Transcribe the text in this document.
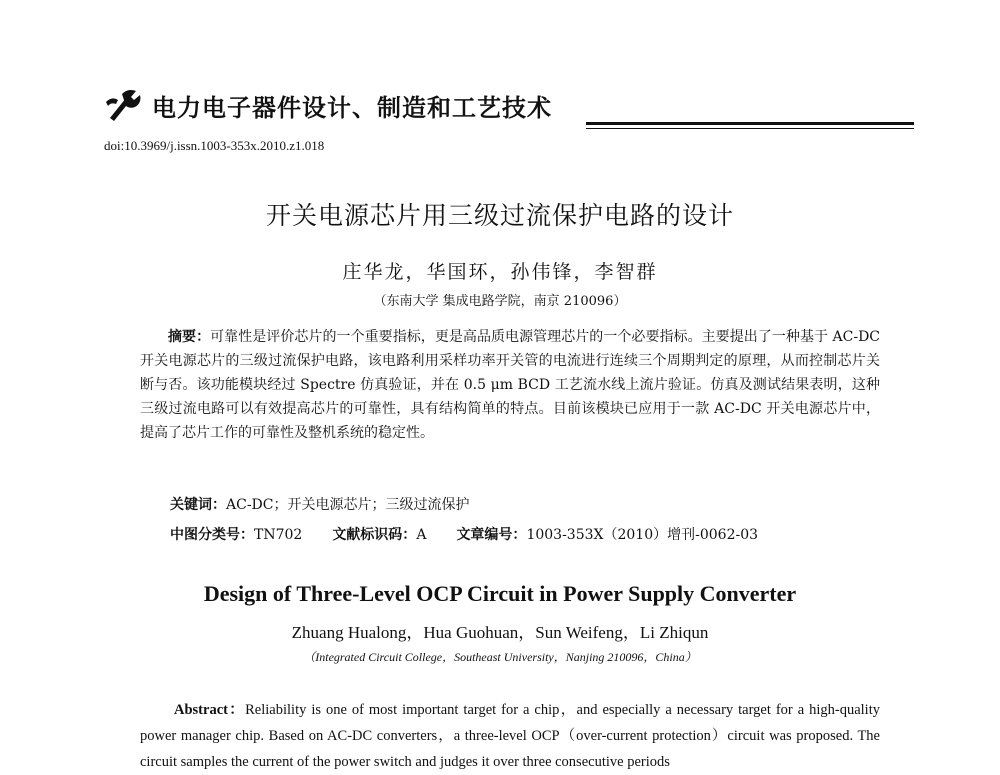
电力电子器件设计、制造和工艺技术
doi:10.3969/j.issn.1003-353x.2010.z1.018
开关电源芯片用三级过流保护电路的设计
庄华龙，华国环，孙伟锋，李智群
（东南大学 集成电路学院，南京 210096）
摘要：可靠性是评价芯片的一个重要指标，更是高品质电源管理芯片的一个必要指标。主要提出了一种基于 AC-DC 开关电源芯片的三级过流保护电路，该电路利用采样功率开关管的电流进行连续三个周期判定的原理，从而控制芯片关断与否。该功能模块经过 Spectre 仿真验证，并在 0.5 μm BCD 工艺流水线上流片验证。仿真及测试结果表明，这种三级过流电路可以有效提高芯片的可靠性，具有结构简单的特点。目前该模块已应用于一款 AC-DC 开关电源芯片中，提高了芯片工作的可靠性及整机系统的稳定性。
关键词：AC-DC；开关电源芯片；三级过流保护
中图分类号：TN702 文献标识码：A 文章编号：1003-353X（2010）增刊-0062-03
Design of Three-Level OCP Circuit in Power Supply Converter
Zhuang Hualong，Hua Guohuan，Sun Weifeng，Li Zhiqun
（Integrated Circuit College，Southeast University，Nanjing 210096，China）
Abstract：Reliability is one of most important target for a chip，and especially a necessary target for a high-quality power manager chip. Based on AC-DC converters，a three-level OCP（over-current protection）circuit was proposed. The circuit samples the current of the power switch and judges it over three consecutive periods
